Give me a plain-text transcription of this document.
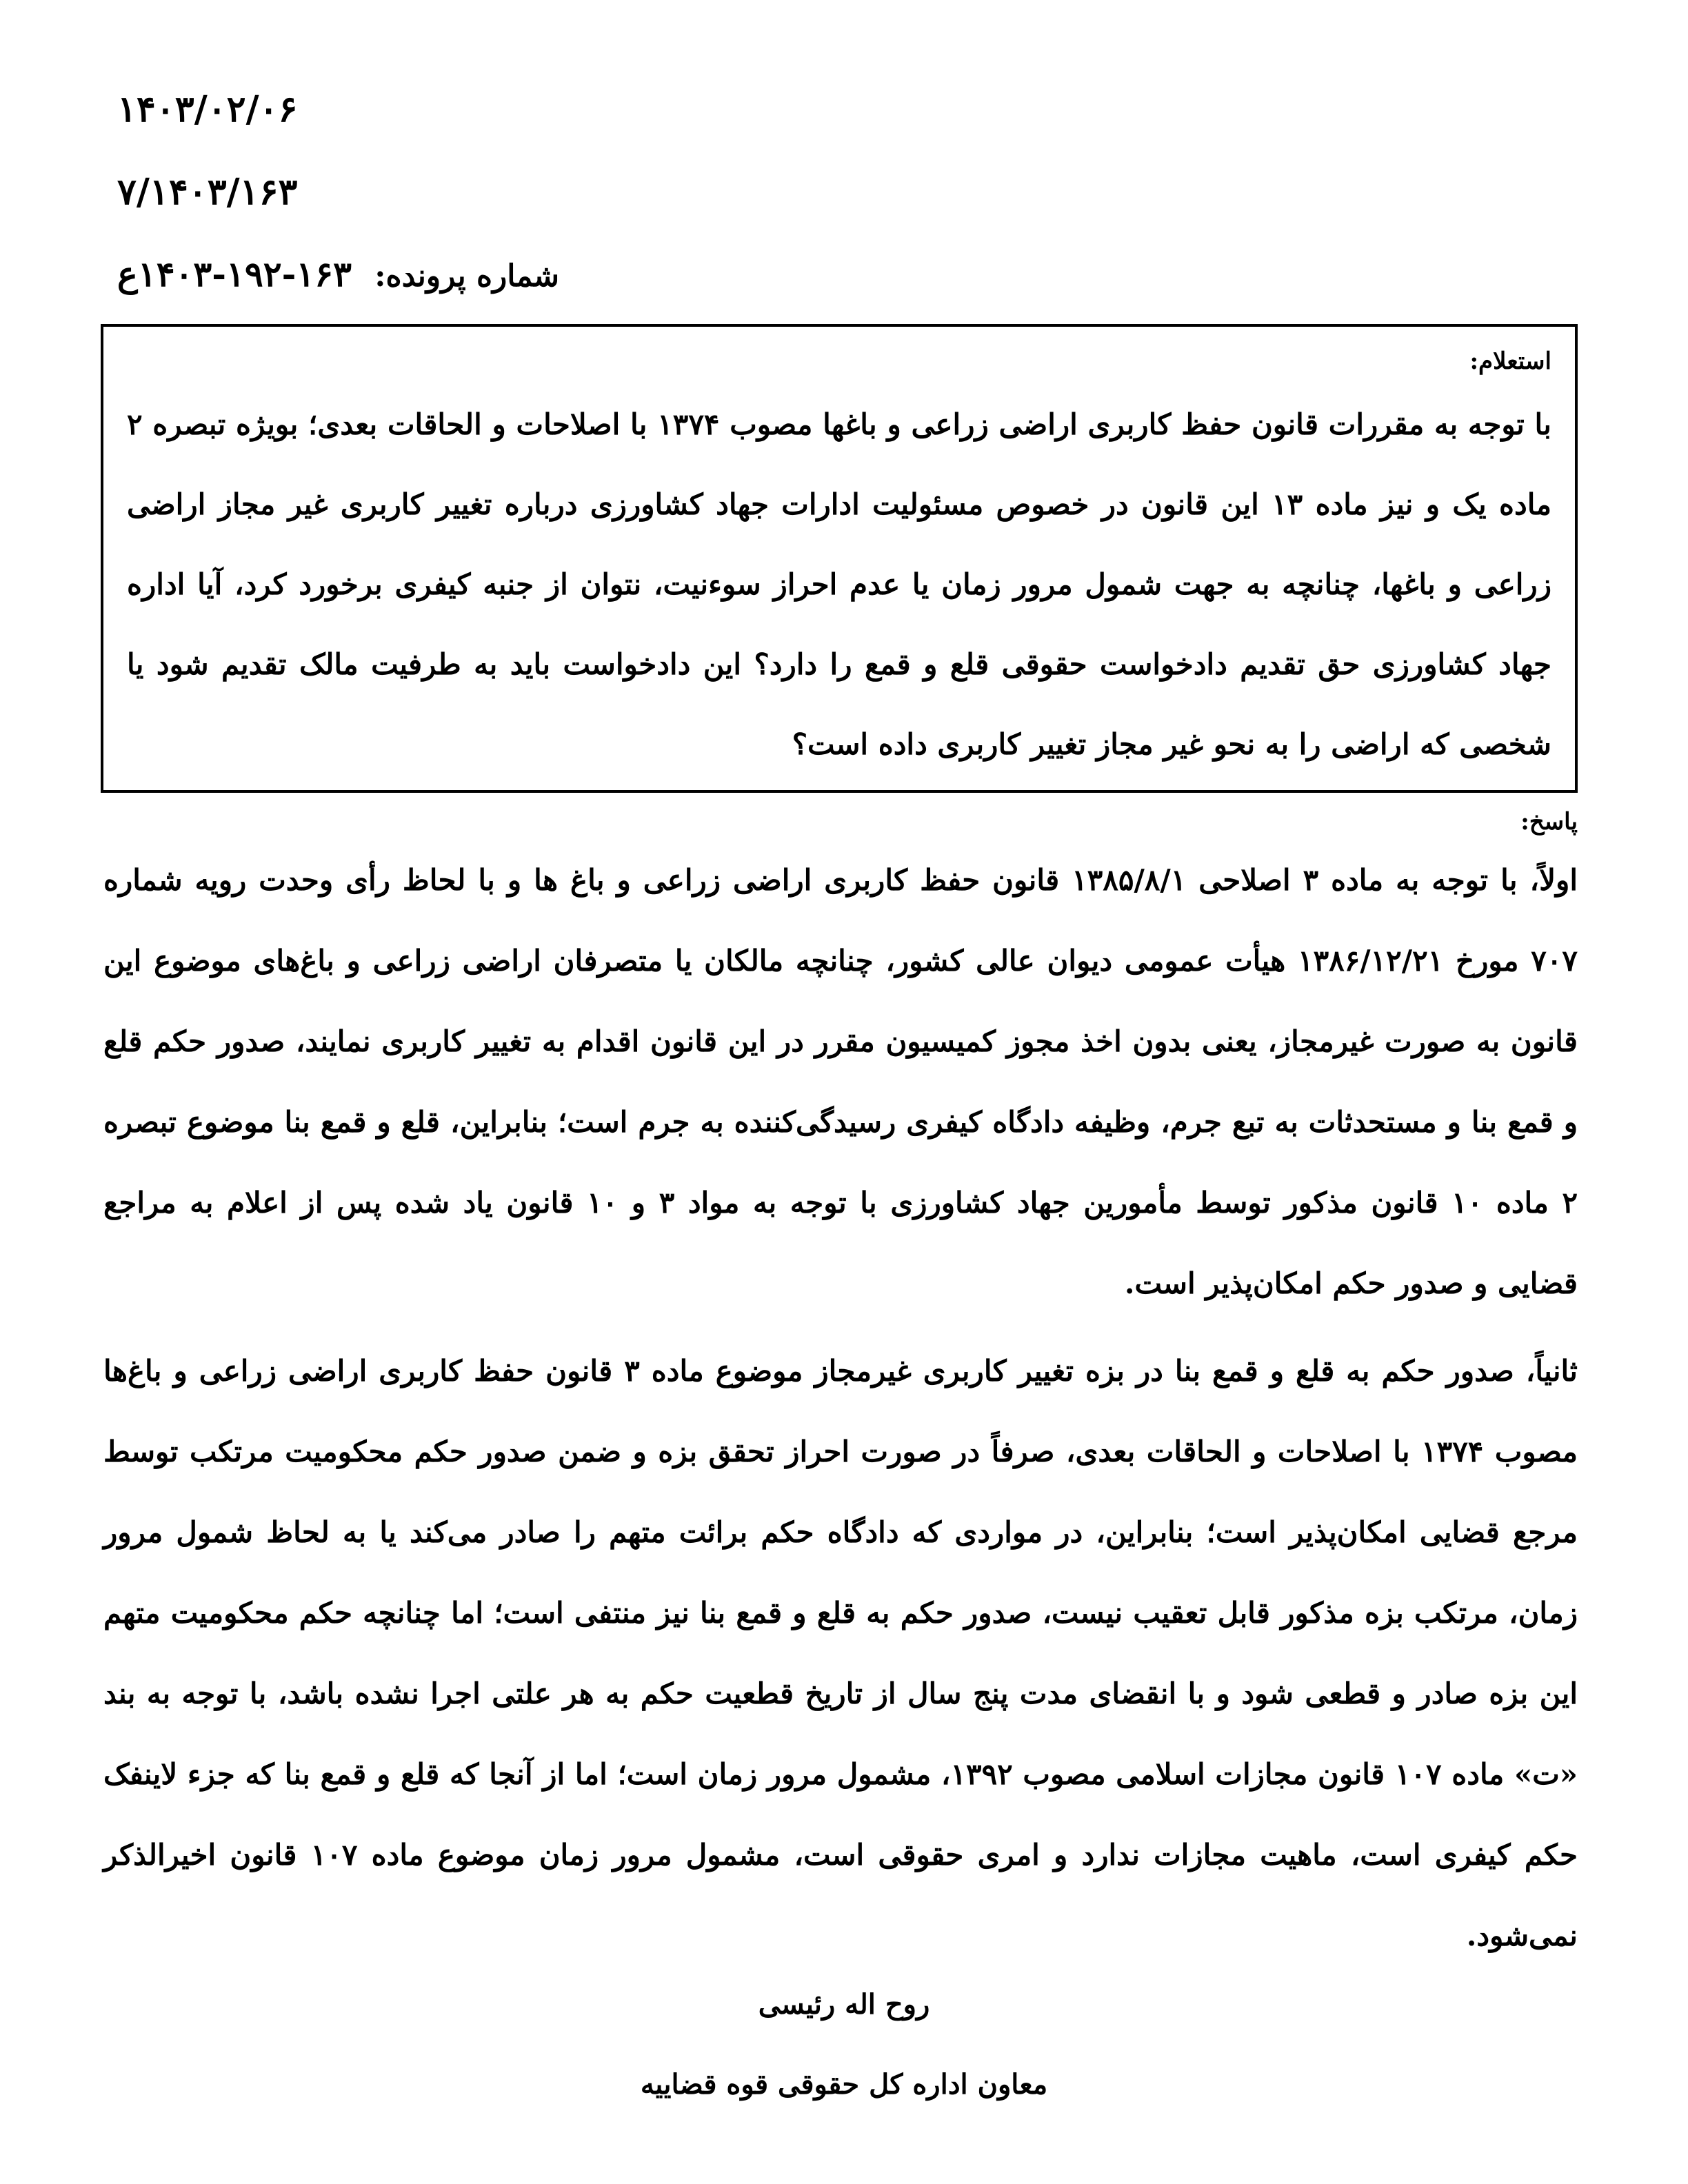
۱۴۰۳/۰۲/۰۶
۷/۱۴۰۳/۱۶۳
شماره پرونده: ۱۶۳-۱۹۲-۱۴۰۳ع

استعلام:

با توجه به مقررات قانون حفظ کاربری اراضی زراعی و باغها مصوب ۱۳۷۴ با اصلاحات و الحاقات بعدی؛ بویژه تبصره ۲ ماده یک و نیز ماده ۱۳ این قانون در خصوص مسئولیت ادارات جهاد کشاورزی درباره تغییر کاربری غیر مجاز اراضی زراعی و باغها، چنانچه به جهت شمول مرور زمان یا عدم احراز سوءنیت، نتوان از جنبه کیفری برخورد کرد، آیا اداره جهاد کشاورزی حق تقدیم دادخواست حقوقی قلع و قمع را دارد؟ این دادخواست باید به طرفیت مالک تقدیم شود یا شخصی که اراضی را به نحو غیر مجاز تغییر کاربری داده است؟

پاسخ:

اولاً، با توجه به ماده ۳ اصلاحی ۱۳۸۵/۸/۱ قانون حفظ کاربری اراضی زراعی و باغ ها و با لحاظ رأی وحدت رویه شماره ۷۰۷ مورخ ۱۳۸۶/۱۲/۲۱ هیأت عمومی دیوان عالی کشور، چنانچه مالکان یا متصرفان اراضی زراعی و باغ‌های موضوع این قانون به صورت غیرمجاز، یعنی بدون اخذ مجوز کمیسیون مقرر در این قانون اقدام به تغییر کاربری نمایند، صدور حکم قلع و قمع بنا و مستحدثات به تبع جرم، وظیفه دادگاه کیفری رسیدگی‌کننده به جرم است؛ بنابراین، قلع و قمع بنا موضوع تبصره ۲ ماده ۱۰ قانون مذکور توسط مأمورین جهاد کشاورزی با توجه به مواد ۳ و ۱۰ قانون یاد شده پس از اعلام به مراجع قضایی و صدور حکم امکان‌پذیر است.

ثانیاً، صدور حکم به قلع و قمع بنا در بزه تغییر کاربری غیرمجاز موضوع ماده ۳ قانون حفظ کاربری اراضی زراعی و باغ‌ها مصوب ۱۳۷۴ با اصلاحات و الحاقات بعدی، صرفاً در صورت احراز تحقق بزه و ضمن صدور حکم محکومیت مرتکب توسط مرجع قضایی امکان‌پذیر است؛ بنابراین، در مواردی که دادگاه حکم برائت متهم را صادر می‌کند یا به لحاظ شمول مرور زمان، مرتکب بزه مذکور قابل تعقیب نیست، صدور حکم به قلع و قمع بنا نیز منتفی است؛ اما چنانچه حکم محکومیت متهم این بزه صادر و قطعی شود و با انقضای مدت پنج سال از تاریخ قطعیت حکم به هر علتی اجرا نشده باشد، با توجه به بند «ت» ماده ۱۰۷ قانون مجازات اسلامی مصوب ۱۳۹۲، مشمول مرور زمان است؛ اما از آنجا که قلع و قمع بنا که جزء لاینفک حکم کیفری است، ماهیت مجازات ندارد و امری حقوقی است، مشمول مرور زمان موضوع ماده ۱۰۷ قانون اخیرالذکر نمی‌شود.

روح اله رئیسی
معاون اداره کل حقوقی قوه قضاییه
